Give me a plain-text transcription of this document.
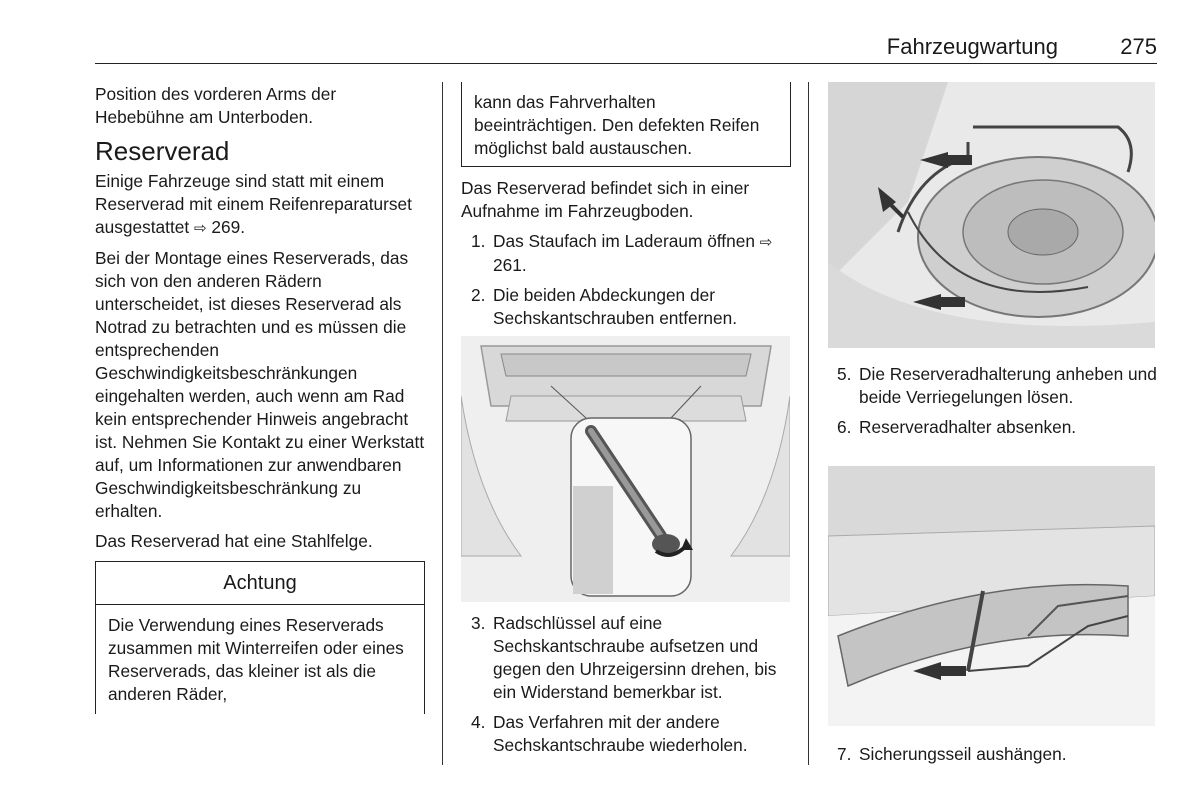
Fahrzeugwartung	275

Position des vorderen Arms der Hebebühne am Unterboden.

Reserverad

Einige Fahrzeuge sind statt mit einem Reserverad mit einem Reifenreparaturset ausgestattet ⇨ 269.

Bei der Montage eines Reserverads, das sich von den anderen Rädern unterscheidet, ist dieses Reserverad als Notrad zu betrachten und es müssen die entsprechenden Geschwindigkeitsbeschränkungen eingehalten werden, auch wenn am Rad kein entsprechender Hinweis angebracht ist. Nehmen Sie Kontakt zu einer Werkstatt auf, um Informationen zur anwendbaren Geschwindigkeitsbeschränkung zu erhalten.

Das Reserverad hat eine Stahlfelge.

Achtung
Die Verwendung eines Reserverads zusammen mit Winterreifen oder eines Reserverads, das kleiner ist als die anderen Räder,
kann das Fahrverhalten beeinträchtigen. Den defekten Reifen möglichst bald austauschen.

Das Reserverad befindet sich in einer Aufnahme im Fahrzeugboden.

1. Das Staufach im Laderaum öffnen ⇨ 261.
2. Die beiden Abdeckungen der Sechskantschrauben entfernen.
3. Radschlüssel auf eine Sechskantschraube aufsetzen und gegen den Uhrzeigersinn drehen, bis ein Widerstand bemerkbar ist.
4. Das Verfahren mit der andere Sechskantschraube wiederholen.
5. Die Reserveradhalterung anheben und beide Verriegelungen lösen.
6. Reserveradhalter absenken.
7. Sicherungsseil aushängen.
